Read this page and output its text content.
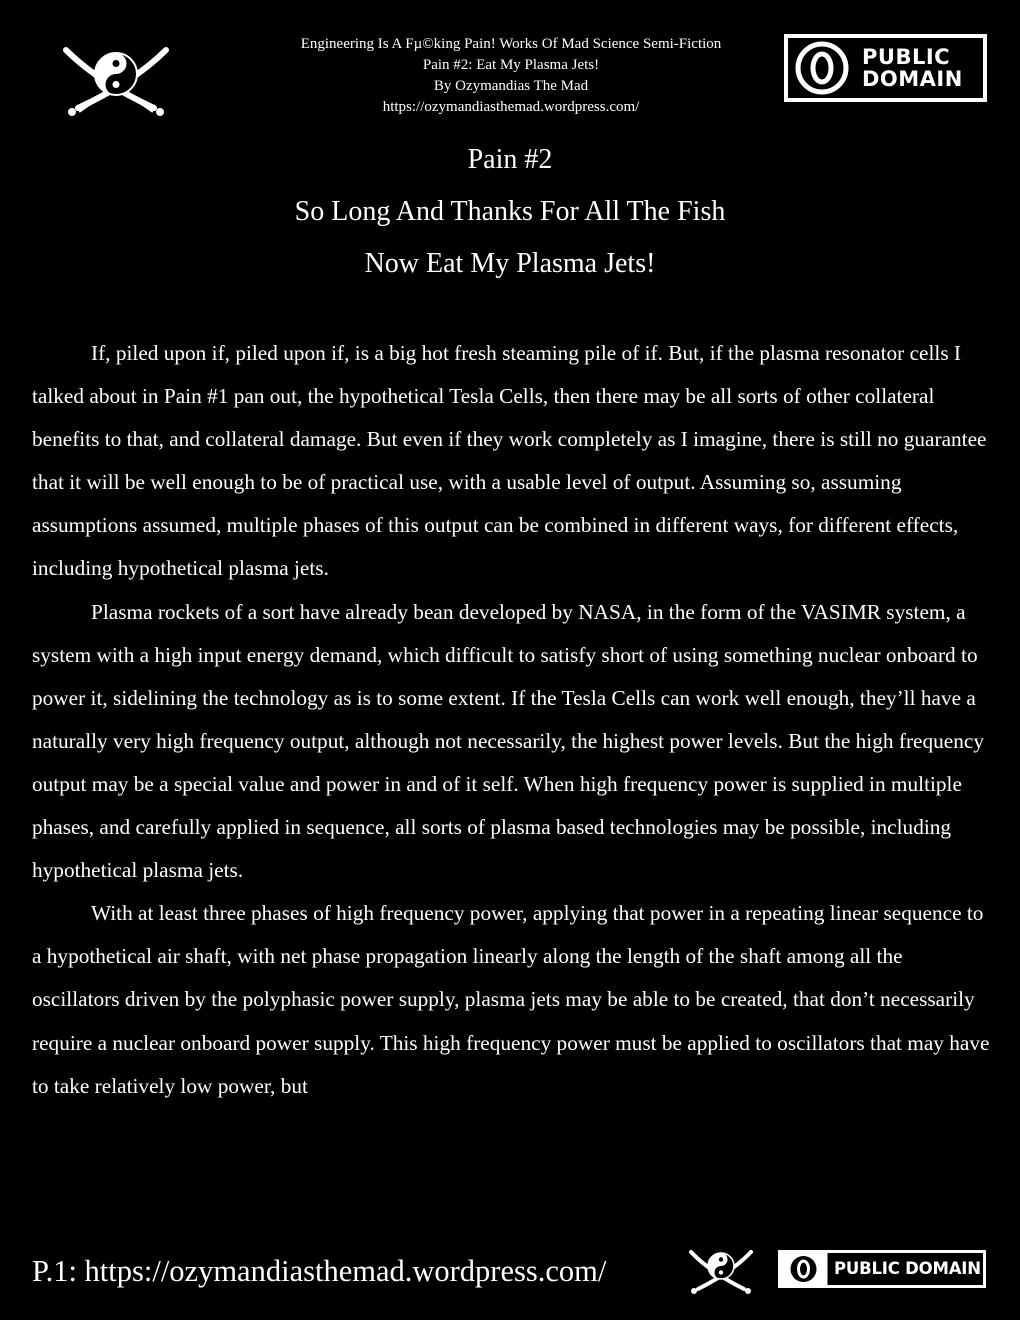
Engineering Is A Fµ©king Pain! Works Of Mad Science Semi-Fiction
Pain #2: Eat My Plasma Jets!
By Ozymandias The Mad
https://ozymandiasthemad.wordpress.com/
PUBLIC
DOMAIN
Pain #2
So Long And Thanks For All The Fish
Now Eat My Plasma Jets!

If, piled upon if, piled upon if, is a big hot fresh steaming pile of if. But, if the plasma resonator cells I talked about in Pain #1 pan out, the hypothetical Tesla Cells, then there may be all sorts of other collateral benefits to that, and collateral damage. But even if they work completely as I imagine, there is still no guarantee that it will be well enough to be of practical use, with a usable level of output. Assuming so, assuming assumptions assumed, multiple phases of this output can be combined in different ways, for different effects, including hypothetical plasma jets.

Plasma rockets of a sort have already bean developed by NASA, in the form of the VASIMR system, a system with a high input energy demand, which difficult to satisfy short of using something nuclear onboard to power it, sidelining the technology as is to some extent. If the Tesla Cells can work well enough, they’ll have a naturally very high frequency output, although not necessarily, the highest power levels. But the high frequency output may be a special value and power in and of it self. When high frequency power is supplied in multiple phases, and carefully applied in sequence, all sorts of plasma based technologies may be possible, including hypothetical plasma jets.

With at least three phases of high frequency power, applying that power in a repeating linear sequence to a hypothetical air shaft, with net phase propagation linearly along the length of the shaft among all the oscillators driven by the polyphasic power supply, plasma jets may be able to be created, that don’t necessarily require a nuclear onboard power supply. This high frequency power must be applied to oscillators that may have to take relatively low power, but

P.1: https://ozymandiasthemad.wordpress.com/	PUBLIC DOMAIN
